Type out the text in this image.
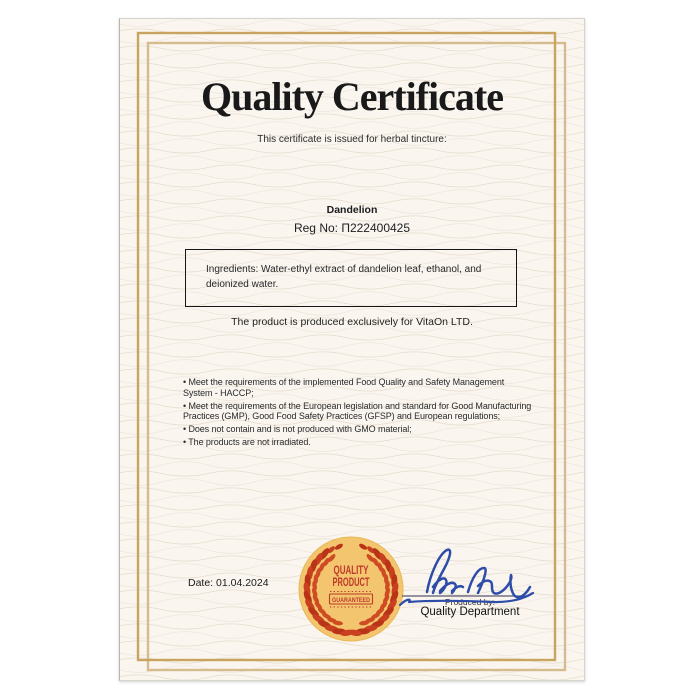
Quality Certificate

This certificate is issued for herbal tincture:

Dandelion

Reg No: П222400425

Ingredients: Water-ethyl extract of dandelion leaf, ethanol, and deionized water.

The product is produced exclusively for VitaOn LTD.

• Meet the requirements of the implemented Food Quality and Safety Management System - HACCP;
• Meet the requirements of the European legislation and standard for Good Manufacturing Practices (GMP), Good Food Safety Practices (GFSP) and European regulations;
• Does not contain and is not produced with GMO material;
• The products are not irradiated.

Date: 01.04.2024

QUALITY
PRODUCT
GUARANTEED	Produced by:

Quality Department
